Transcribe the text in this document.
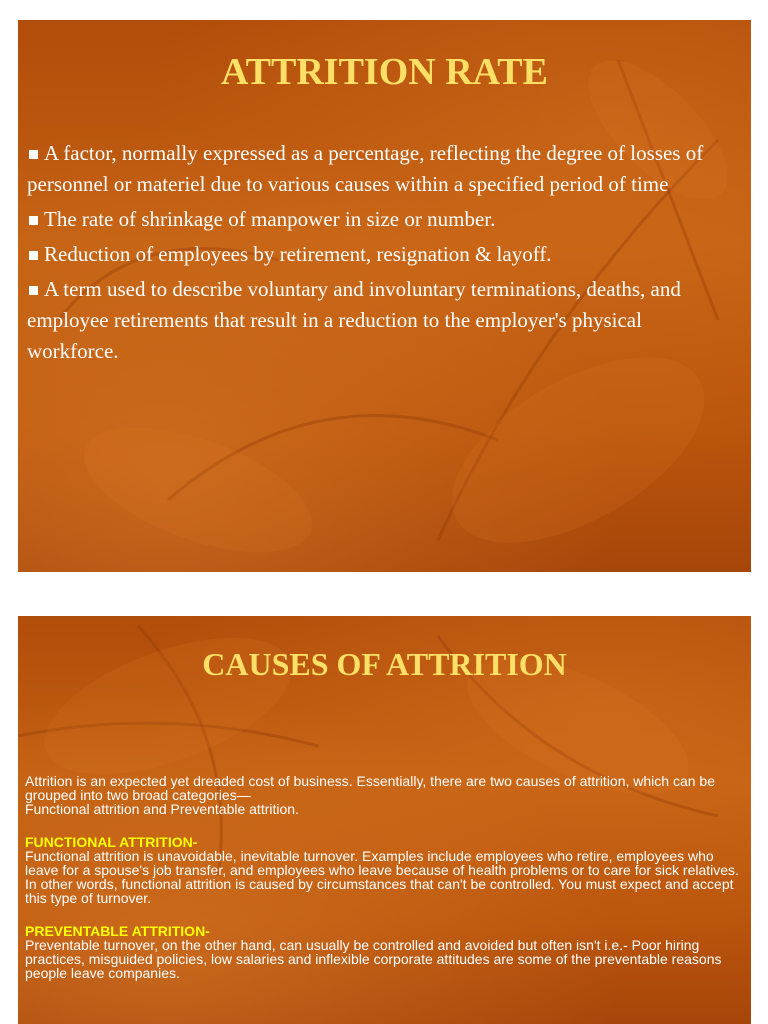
ATTRITION RATE
A factor, normally expressed as a percentage, reflecting the degree of losses of personnel or materiel due to various causes within a specified period of time
The rate of shrinkage of manpower in size or number.
Reduction of employees by retirement, resignation & layoff.
A term used to describe voluntary and involuntary terminations, deaths, and employee retirements that result in a reduction to the employer's physical workforce.
CAUSES OF ATTRITION

Attrition is an expected yet dreaded cost of business. Essentially, there are two causes of attrition, which can be grouped into two broad categories—

Functional attrition and Preventable attrition.

FUNCTIONAL ATTRITION-

Functional attrition is unavoidable, inevitable turnover. Examples include employees who retire, employees who leave for a spouse's job transfer, and employees who leave because of health problems or to care for sick relatives. In other words, functional attrition is caused by circumstances that can't be controlled. You must expect and accept this type of turnover.

PREVENTABLE ATTRITION-

Preventable turnover, on the other hand, can usually be controlled and avoided but often isn't i.e.- Poor hiring practices, misguided policies, low salaries and inflexible corporate attitudes are some of the preventable reasons people leave companies.
